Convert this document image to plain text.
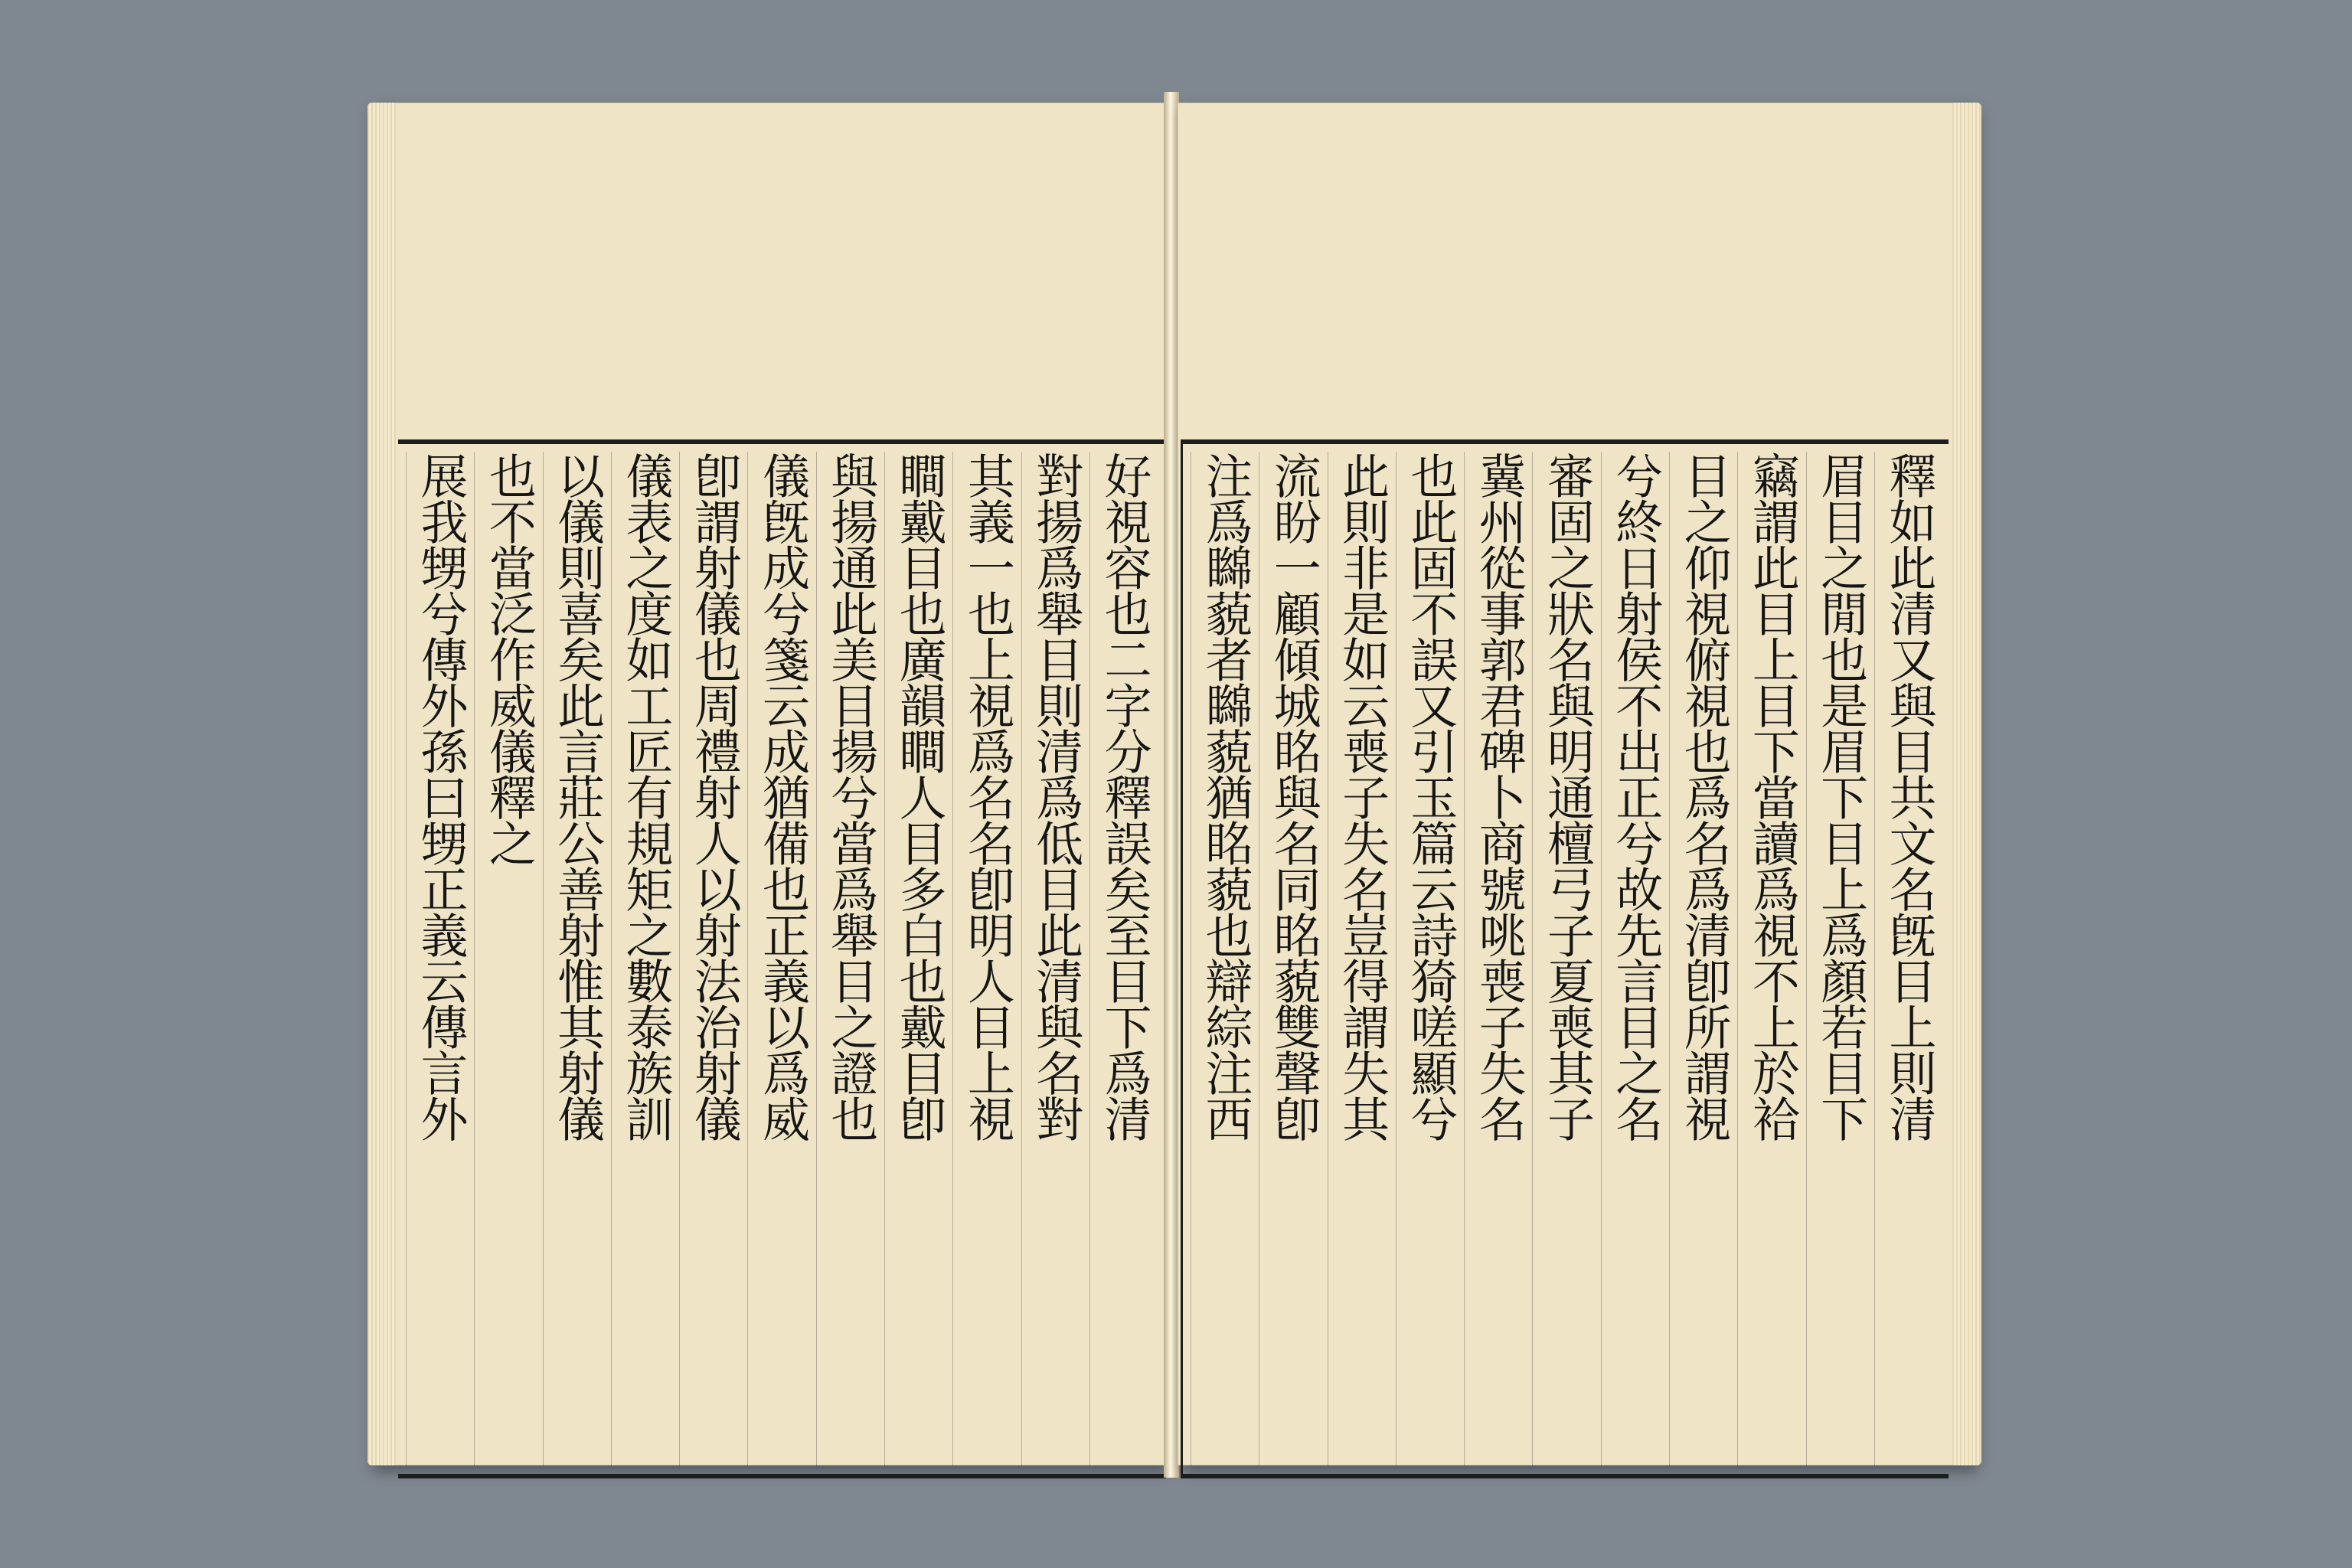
好視容也二字分釋誤矣至目下爲清
對揚爲舉目則清爲低目此清與名對
其義一也上視爲名名卽明人目上視
瞷戴目也廣韻瞷人目多白也戴目卽
與揚通此美目揚兮當爲舉目之證也
儀旣成兮箋云成猶備也正義以爲威
卽謂射儀也周禮射人以射法治射儀
儀表之度如工匠有規矩之數泰族訓
以儀則喜矣此言莊公善射惟其射儀
也不當泛作威儀釋之
展我甥兮傳外孫曰甥正義云傳言外	釋如此清又與目共文名旣目上則清
眉目之閒也是眉下目上爲顏若目下
竊謂此目上目下當讀爲視不上於袷
目之仰視俯視也爲名爲清卽所謂視
兮終日射侯不出正兮故先言目之名
審固之狀名與明通檀弓子夏喪其子
冀州從事郭君碑卜商號咷喪子失名
也此固不誤又引玉篇云詩猗嗟顯兮
此則非是如云喪子失名豈得謂失其
流盼一顧傾城眳與名同眳藐雙聲卽
注爲矊藐者矊藐猶眳藐也辯綜注西
